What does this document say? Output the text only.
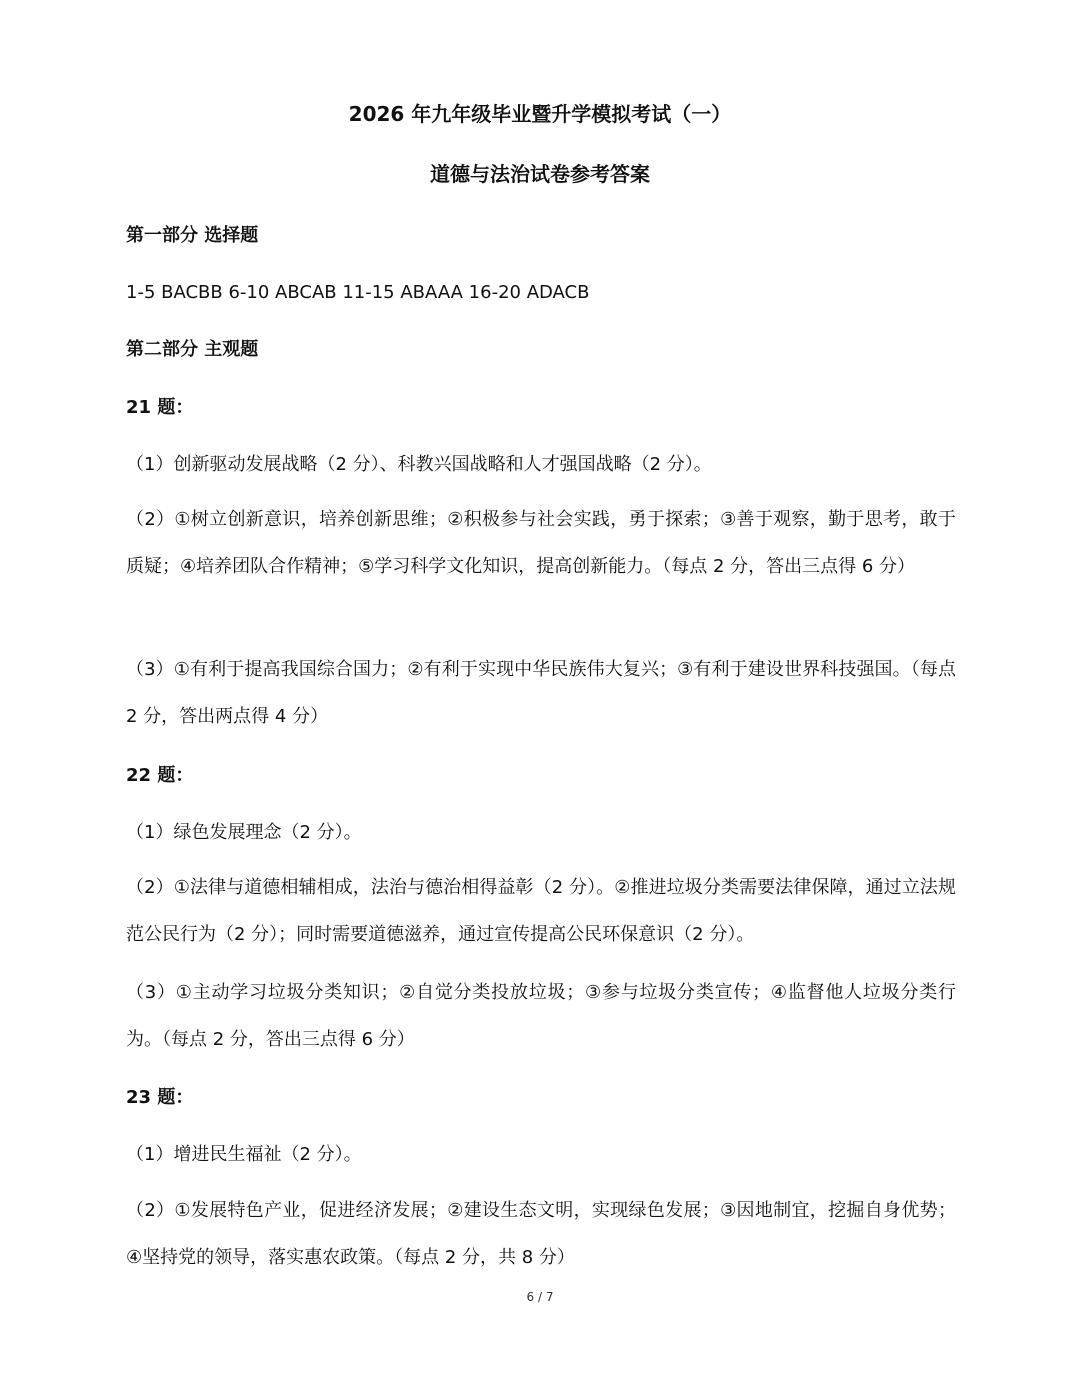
2026 年九年级毕业暨升学模拟考试（一）
道德与法治试卷参考答案
第一部分 选择题
1-5 BACBB 6-10 ABCAB 11-15 ABAAA 16-20 ADACB
第二部分 主观题
21 题：
（1）创新驱动发展战略（2 分）、科教兴国战略和人才强国战略（2 分）。
（2）①树立创新意识，培养创新思维；②积极参与社会实践，勇于探索；③善于观察，勤于思考，敢于质疑；④培养团队合作精神；⑤学习科学文化知识，提高创新能力。（每点 2 分，答出三点得 6 分）
（3）①有利于提高我国综合国力；②有利于实现中华民族伟大复兴；③有利于建设世界科技强国。（每点 2 分，答出两点得 4 分）
22 题：
（1）绿色发展理念（2 分）。
（2）①法律与道德相辅相成，法治与德治相得益彰（2 分）。②推进垃圾分类需要法律保障，通过立法规范公民行为（2 分）；同时需要道德滋养，通过宣传提高公民环保意识（2 分）。
（3）①主动学习垃圾分类知识；②自觉分类投放垃圾；③参与垃圾分类宣传；④监督他人垃圾分类行为。（每点 2 分，答出三点得 6 分）
23 题：
（1）增进民生福祉（2 分）。
（2）①发展特色产业，促进经济发展；②建设生态文明，实现绿色发展；③因地制宜，挖掘自身优势；④坚持党的领导，落实惠农政策。（每点 2 分，共 8 分）
6 / 7
